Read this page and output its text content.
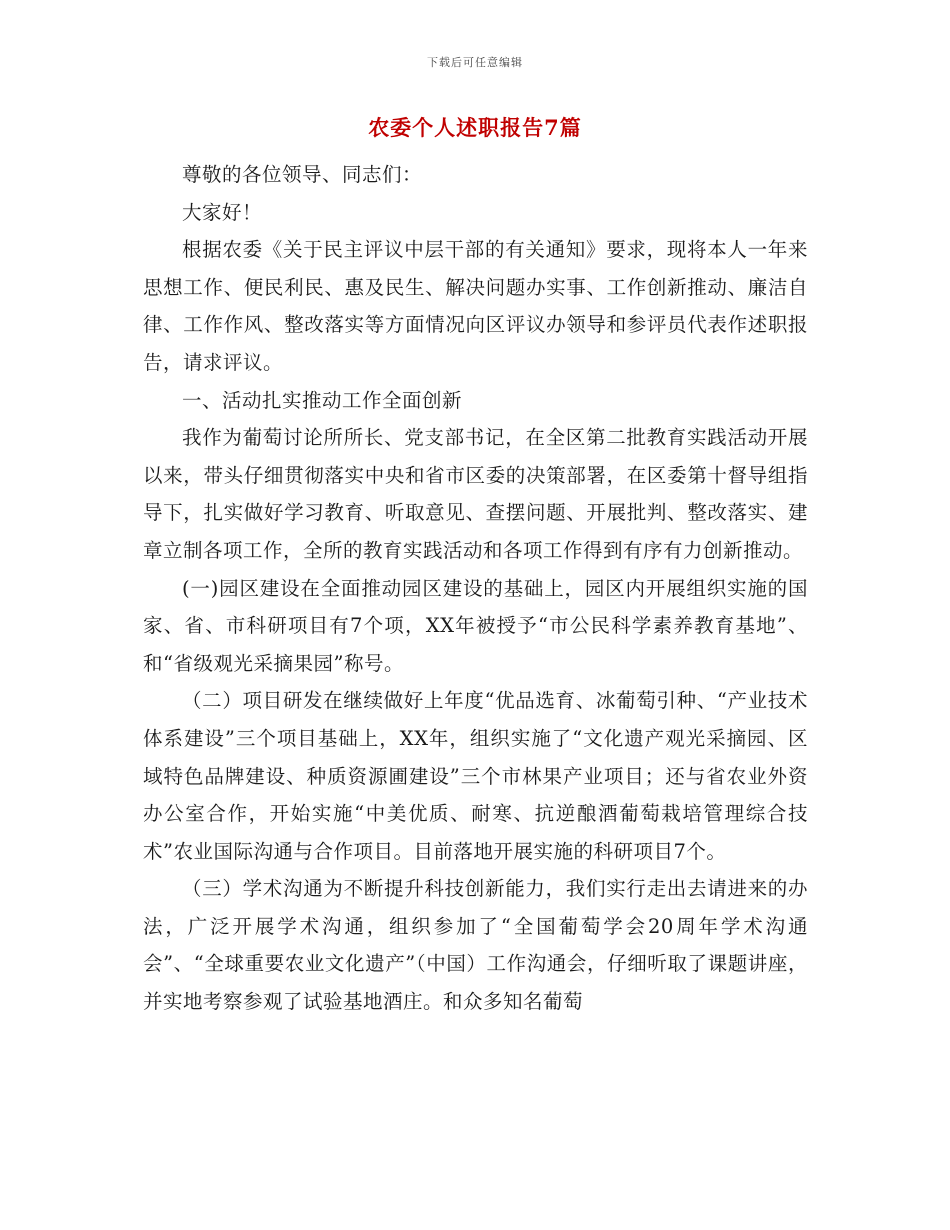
下载后可任意编辑
农委个人述职报告7篇

尊敬的各位领导、同志们：

大家好！

根据农委《关于民主评议中层干部的有关通知》要求，现将本人一年来思想工作、便民利民、惠及民生、解决问题办实事、工作创新推动、廉洁自律、工作作风、整改落实等方面情况向区评议办领导和参评员代表作述职报告，请求评议。

一、活动扎实推动工作全面创新

我作为葡萄讨论所所长、党支部书记，在全区第二批教育实践活动开展以来，带头仔细贯彻落实中央和省市区委的决策部署，在区委第十督导组指导下，扎实做好学习教育、听取意见、查摆问题、开展批判、整改落实、建章立制各项工作，全所的教育实践活动和各项工作得到有序有力创新推动。

(一)园区建设在全面推动园区建设的基础上，园区内开展组织实施的国家、省、市科研项目有7个项，XX年被授予“市公民科学素养教育基地”、和“省级观光采摘果园”称号。

（二）项目研发在继续做好上年度“优品选育、冰葡萄引种、“产业技术体系建设”三个项目基础上，XX年，组织实施了“文化遗产观光采摘园、区域特色品牌建设、种质资源圃建设”三个市林果产业项目；还与省农业外资办公室合作，开始实施“中美优质、耐寒、抗逆酿酒葡萄栽培管理综合技术”农业国际沟通与合作项目。目前落地开展实施的科研项目7个。

（三）学术沟通为不断提升科技创新能力，我们实行走出去请进来的办法，广泛开展学术沟通，组织参加了“全国葡萄学会20周年学术沟通会”、“全球重要农业文化遗产”（中国）工作沟通会，仔细听取了课题讲座，并实地考察参观了试验基地酒庄。和众多知名葡萄
